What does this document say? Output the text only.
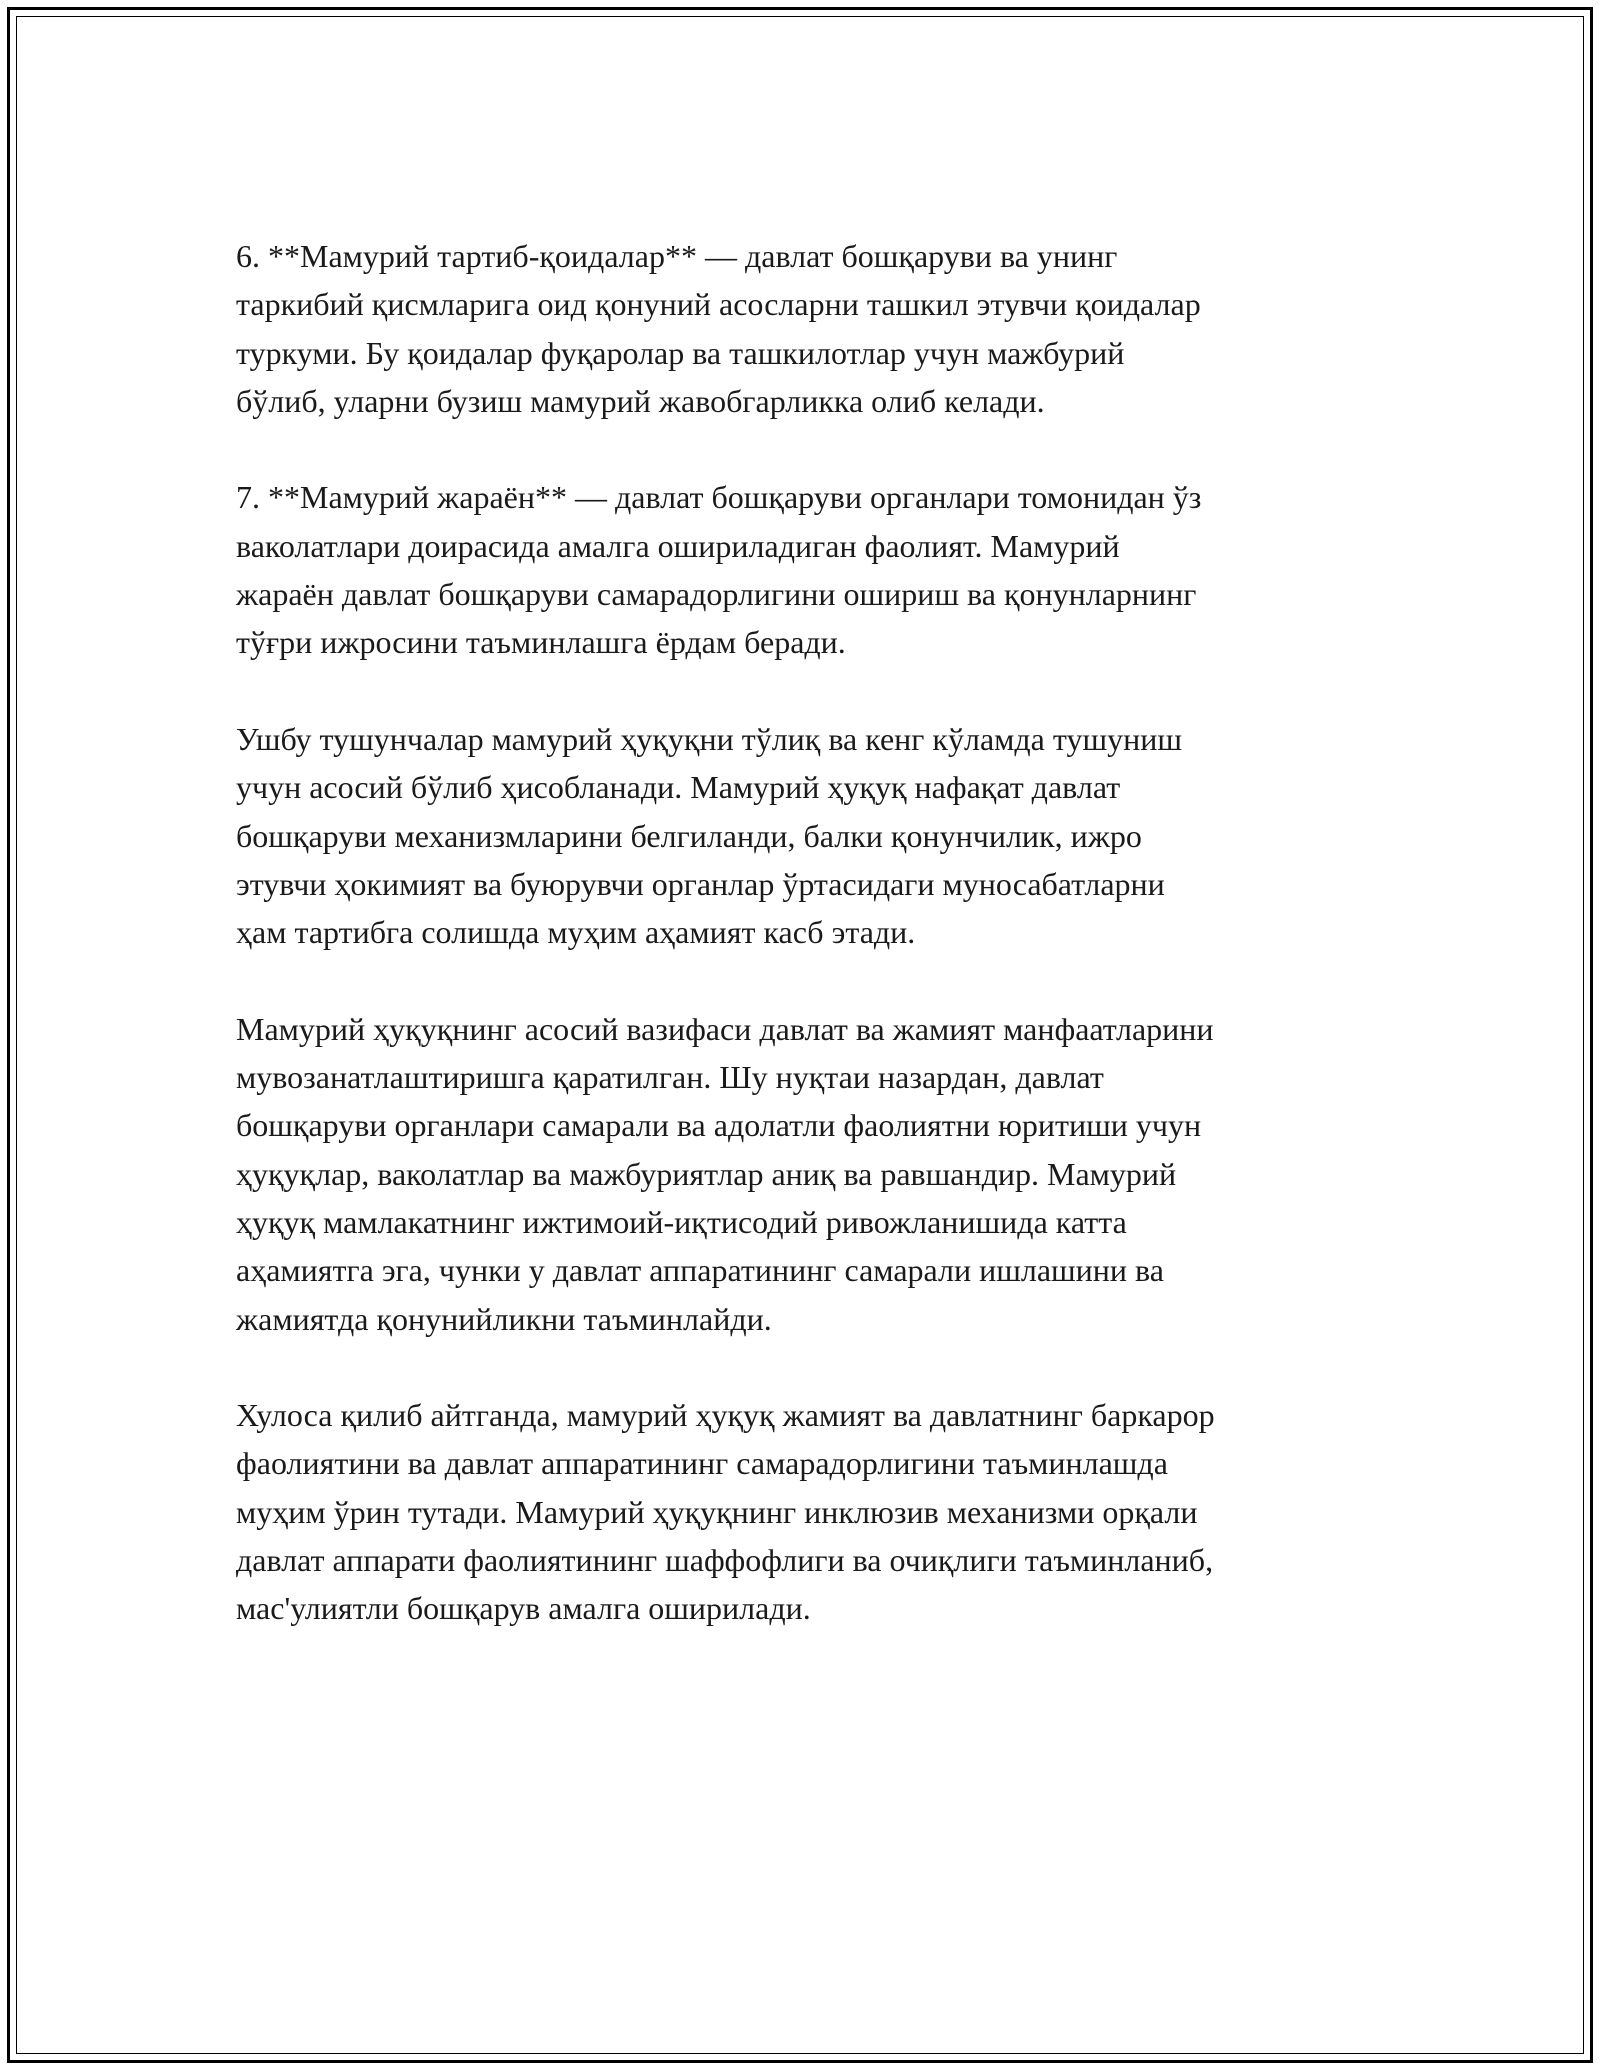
6. **Мамурий тартиб-қоидалар** — давлат бошқаруви ва унинг
таркибий қисмларига оид қонуний асосларни ташкил этувчи қоидалар
туркуми. Бу қоидалар фуқаролар ва ташкилотлар учун мажбурий
бўлиб, уларни бузиш мамурий жавобгарликка олиб келади.

7. **Мамурий жараён** — давлат бошқаруви органлари томонидан ўз
ваколатлари доирасида амалга ошириладиган фаолият. Мамурий
жараён давлат бошқаруви самарадорлигини ошириш ва қонунларнинг
тўғри ижросини таъминлашга ёрдам беради.

Ушбу тушунчалар мамурий ҳуқуқни тўлиқ ва кенг кўламда тушуниш
учун асосий бўлиб ҳисобланади. Мамурий ҳуқуқ нафақат давлат
бошқаруви механизмларини белгиланди, балки қонунчилик, ижро
этувчи ҳокимият ва буюрувчи органлар ўртасидаги муносабатларни
ҳам тартибга солишда муҳим аҳамият касб этади.

Мамурий ҳуқуқнинг асосий вазифаси давлат ва жамият манфаатларини
мувозанатлаштиришга қаратилган. Шу нуқтаи назардан, давлат
бошқаруви органлари самарали ва адолатли фаолиятни юритиши учун
ҳуқуқлар, ваколатлар ва мажбуриятлар аниқ ва равшандир. Мамурий
ҳуқуқ мамлакатнинг ижтимоий-иқтисодий ривожланишида катта
аҳамиятга эга, чунки у давлат аппаратининг самарали ишлашини ва
жамиятда қонунийликни таъминлайди.

Хулоса қилиб айтганда, мамурий ҳуқуқ жамият ва давлатнинг баркарор
фаолиятини ва давлат аппаратининг самарадорлигини таъминлашда
муҳим ўрин тутади. Мамурий ҳуқуқнинг инклюзив механизми орқали
давлат аппарати фаолиятининг шаффофлиги ва очиқлиги таъминланиб,
мас'улиятли бошқарув амалга оширилади.
